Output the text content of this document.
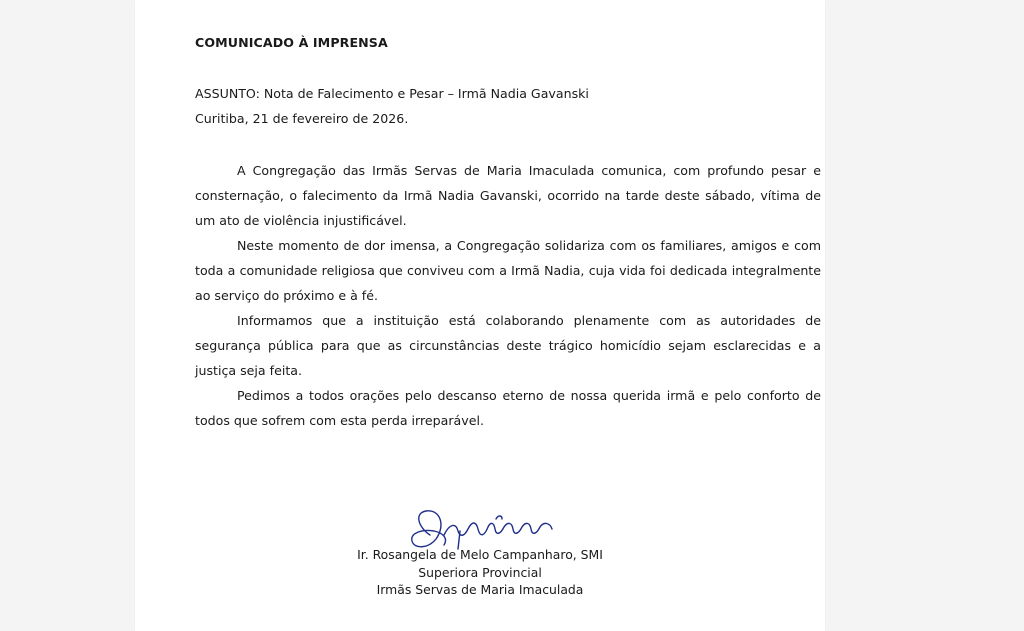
COMUNICADO À IMPRENSA
ASSUNTO: Nota de Falecimento e Pesar – Irmã Nadia Gavanski
Curitiba, 21 de fevereiro de 2026.

A Congregação das Irmãs Servas de Maria Imaculada comunica, com profundo pesar e consternação, o falecimento da Irmã Nadia Gavanski, ocorrido na tarde deste sábado, vítima de um ato de violência injustificável.

Neste momento de dor imensa, a Congregação solidariza com os familiares, amigos e com toda a comunidade religiosa que conviveu com a Irmã Nadia, cuja vida foi dedicada integralmente ao serviço do próximo e à fé.

Informamos que a instituição está colaborando plenamente com as autoridades de segurança pública para que as circunstâncias deste trágico homicídio sejam esclarecidas e a justiça seja feita.

Pedimos a todos orações pelo descanso eterno de nossa querida irmã e pelo conforto de todos que sofrem com esta perda irreparável.

Ir. Rosangela de Melo Campanharo, SMI
Superiora Provincial
Irmãs Servas de Maria Imaculada
